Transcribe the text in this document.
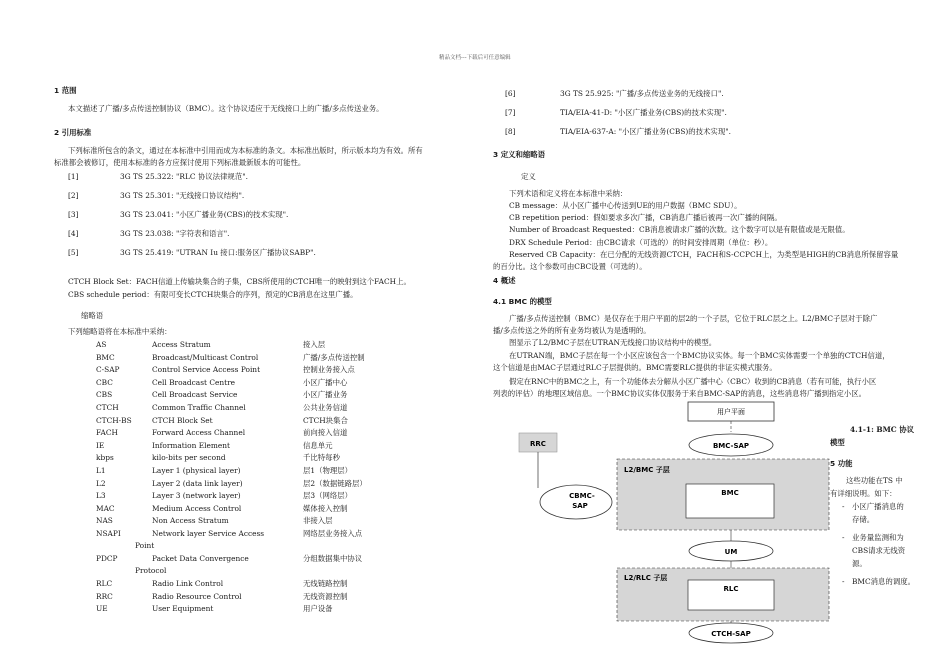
精品文档---下载后可任意编辑
1 范围
本文描述了广播/多点传送控制协议（BMC）。这个协议适应于无线接口上的广播/多点传送业务。
2 引用标准
下列标准所包含的条文，通过在本标准中引用而成为本标准的条文。本标准出版时，所示版本均为有效。所有
标准都会被修订，使用本标准的各方应探讨使用下列标准最新版本的可能性。
[1]	3G TS 25.322: "RLC 协议法律规范".
[2]	3G TS 25.301: "无线接口协议结构".
[3]	3G TS 23.041: "小区广播业务(CBS)的技术实现".
[4]	3G TS 23.038: "字符表和语言".
[5]	3G TS 25.419: "UTRAN Iu 接口:服务区广播协议SABP".
CTCH Block Set：FACH信道上传输块集合的子集，CBS所使用的CTCH唯一的映射到这个FACH上。
CBS schedule period：有限可变长CTCH块集合的序列，预定的CB消息在这里广播。
缩略语
下列缩略语将在本标准中采纳：
AS	Access Stratum	接入层
BMC	Broadcast/Multicast Control	广播/多点传送控制
C-SAP	Control Service Access Point	控制业务接入点
CBC	Cell Broadcast Centre	小区广播中心
CBS	Cell Broadcast Service	小区广播业务
CTCH	Common Traffic Channel	公共业务信道
CTCH-BS	CTCH Block Set	CTCH块集合
FACH	Forward Access Channel	前向接入信道
IE	Information Element	信息单元
kbps	kilo-bits per second	千比特每秒
L1	Layer 1 (physical layer)	层1（物理层）
L2	Layer 2 (data link layer)	层2（数据链路层）
L3	Layer 3 (network layer)	层3（网络层）
MAC	Medium Access Control	媒体接入控制
NAS	Non Access Stratum	非接入层
NSAPI	Network layer Service Access	网络层业务接入点
Point
PDCP	Packet Data Convergence	分组数据集中协议
Protocol
RLC	Radio Link Control	无线链路控制
RRC	Radio Resource Control	无线资源控制
UE	User Equipment	用户设备
[6]	3G TS 25.925: "广播/多点传送业务的无线接口".
[7]	TIA/EIA-41-D: "小区广播业务(CBS)的技术实现".
[8]	TIA/EIA-637-A: "小区广播业务(CBS)的技术实现".
3 定义和缩略语
定义
下列术语和定义将在本标准中采纳：
CB message：从小区广播中心传送到UE的用户数据（BMC SDU）。
CB repetition period：假如要求多次广播，CB消息广播后被再一次广播的间隔。
Number of Broadcast Requested：CB消息被请求广播的次数。这个数字可以是有限值或是无限值。
DRX Schedule Period：由CBC请求（可选的）的时间安排周期（单位：秒）。
Reserved CB Capacity：在已分配的无线资源CTCH，FACH和S-CCPCH上，为类型是HIGH的CB消息所保留容量
的百分比。这个参数可由CBC设置（可选的）。
4 概述
4.1 BMC 的模型
广播/多点传送控制（BMC）是仅存在于用户平面的层2的一个子层，它位于RLC层之上。L2/BMC子层对于除广
播/多点传送之外的所有业务均被认为是透明的。
图显示了L2/BMC子层在UTRAN无线接口协议结构中的模型。
在UTRAN端，BMC子层在每一个小区应该包含一个BMC协议实体。每一个BMC实体需要一个单独的CTCH信道，
这个信道是由MAC子层通过RLC子层提供的。BMC需要RLC提供的非证实模式服务。
假定在RNC中的BMC之上，有一个功能体去分解从小区广播中心（CBC）收到的CB消息（若有可能，执行小区
列表的评估）的地理区域信息。一个BMC协议实体仅服务于来自BMC-SAP的消息，这些消息将广播到指定小区。
用户平面
RRC	BMC-SAP
L2/BMC 子层
BMC
CBMC-
SAP
UM
L2/RLC 子层
RLC
CTCH-SAP
4.1-1: BMC 协议
模型
5 功能
这些功能在TS 中
有详细说明。如下：
- 小区广播消息的
存储。
- 业务量监测和为
CBS请求无线资
源。
- BMC消息的调度。
